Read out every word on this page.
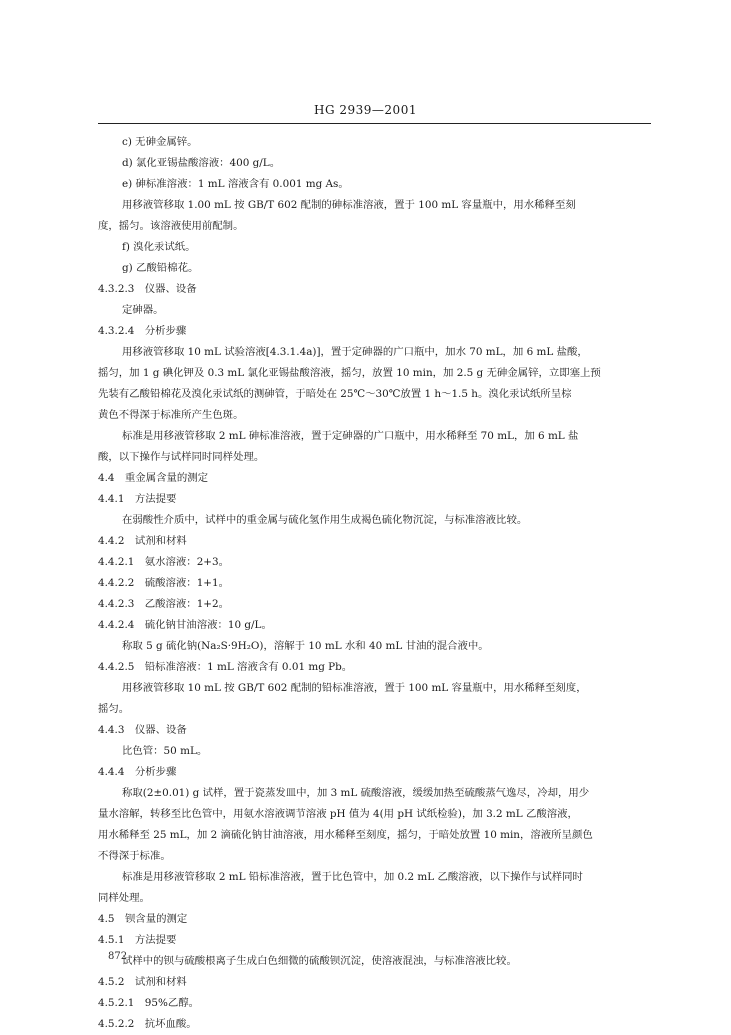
HG 2939—2001
c) 无砷金属锌。
d) 氯化亚锡盐酸溶液：400 g/L。
e) 砷标准溶液：1 mL 溶液含有 0.001 mg As。
用移液管移取 1.00 mL 按 GB/T 602 配制的砷标准溶液，置于 100 mL 容量瓶中，用水稀释至刻
度，摇匀。该溶液使用前配制。
f) 溴化汞试纸。
g) 乙酸铅棉花。
4.3.2.3　仪器、设备
定砷器。
4.3.2.4　分析步骤
用移液管移取 10 mL 试验溶液[4.3.1.4a)]，置于定砷器的广口瓶中，加水 70 mL，加 6 mL 盐酸，
摇匀，加 1 g 碘化钾及 0.3 mL 氯化亚锡盐酸溶液，摇匀，放置 10 min，加 2.5 g 无砷金属锌，立即塞上预
先装有乙酸铅棉花及溴化汞试纸的测砷管，于暗处在 25℃～30℃放置 1 h～1.5 h。溴化汞试纸所呈棕
黄色不得深于标准所产生色斑。
标准是用移液管移取 2 mL 砷标准溶液，置于定砷器的广口瓶中，用水稀释至 70 mL，加 6 mL 盐
酸，以下操作与试样同时同样处理。
4.4　重金属含量的测定
4.4.1　方法提要
在弱酸性介质中，试样中的重金属与硫化氢作用生成褐色硫化物沉淀，与标准溶液比较。
4.4.2　试剂和材料
4.4.2.1　氨水溶液：2+3。
4.4.2.2　硫酸溶液：1+1。
4.4.2.3　乙酸溶液：1+2。
4.4.2.4　硫化钠甘油溶液：10 g/L。
称取 5 g 硫化钠(Na₂S·9H₂O)，溶解于 10 mL 水和 40 mL 甘油的混合液中。
4.4.2.5　铅标准溶液：1 mL 溶液含有 0.01 mg Pb。
用移液管移取 10 mL 按 GB/T 602 配制的铅标准溶液，置于 100 mL 容量瓶中，用水稀释至刻度，
摇匀。
4.4.3　仪器、设备
比色管：50 mL。
4.4.4　分析步骤
称取(2±0.01) g 试样，置于瓷蒸发皿中，加 3 mL 硫酸溶液，缓缓加热至硫酸蒸气逸尽，冷却，用少
量水溶解，转移至比色管中，用氨水溶液调节溶液 pH 值为 4(用 pH 试纸检验)，加 3.2 mL 乙酸溶液，
用水稀释至 25 mL，加 2 滴硫化钠甘油溶液，用水稀释至刻度，摇匀，于暗处放置 10 min，溶液所呈颜色
不得深于标准。
标准是用移液管移取 2 mL 铅标准溶液，置于比色管中，加 0.2 mL 乙酸溶液，以下操作与试样同时
同样处理。
4.5　钡含量的测定
4.5.1　方法提要
试样中的钡与硫酸根离子生成白色细微的硫酸钡沉淀，使溶液混浊，与标准溶液比较。
4.5.2　试剂和材料
4.5.2.1　95%乙醇。
4.5.2.2　抗坏血酸。
872
